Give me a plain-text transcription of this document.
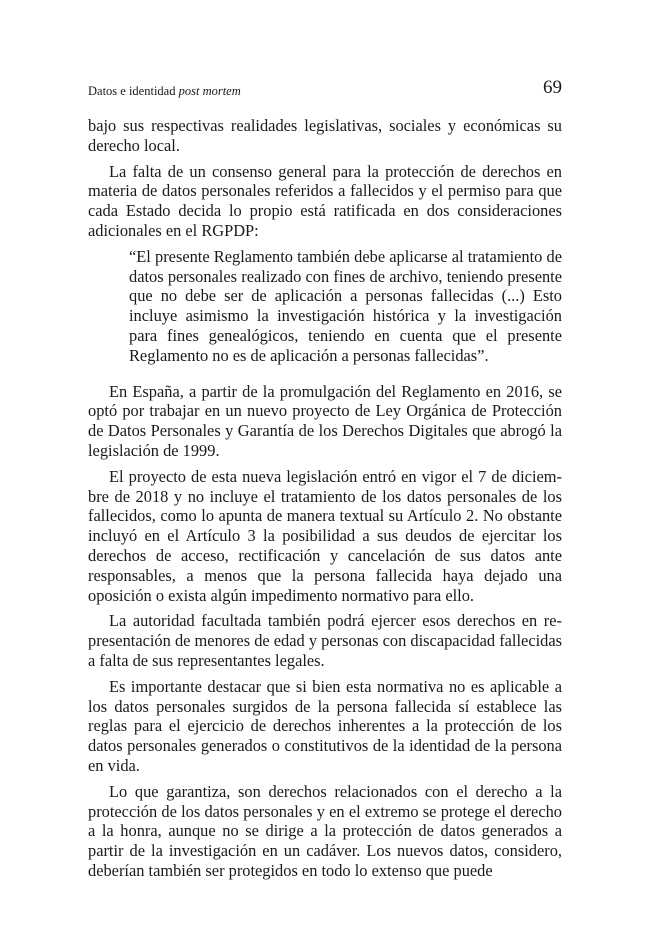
Datos e identidad post mortem	69

bajo sus respectivas realidades legislativas, sociales y económicas su derecho local.

La falta de un consenso general para la protección de derechos en materia de datos personales referidos a fallecidos y el permiso para que cada Estado decida lo propio está ratificada en dos consideraciones adicionales en el RGPDP:

“El presente Reglamento también debe aplicarse al tratamiento de datos personales realizado con fines de archivo, teniendo presente que no debe ser de aplicación a personas fallecidas (...) Esto incluye asimismo la investigación histórica y la investigación para fines genealógicos, teniendo en cuenta que el presente Reglamento no es de aplicación a personas fallecidas”.

En España, a partir de la promulgación del Reglamento en 2016, se optó por trabajar en un nuevo proyecto de Ley Orgánica de Protección de Datos Personales y Garantía de los Derechos Digitales que abrogó la legislación de 1999.

El proyecto de esta nueva legislación entró en vigor el 7 de diciembre de 2018 y no incluye el tratamiento de los datos personales de los fallecidos, como lo apunta de manera textual su Artículo 2. No obstante incluyó en el Artículo 3 la posibilidad a sus deudos de ejercitar los derechos de acceso, rectificación y cancelación de sus datos ante responsables, a menos que la persona fallecida haya dejado una oposición o exista algún impedimento normativo para ello.

La autoridad facultada también podrá ejercer esos derechos en representación de menores de edad y personas con discapacidad fallecidas a falta de sus representantes legales.

Es importante destacar que si bien esta normativa no es aplicable a los datos personales surgidos de la persona fallecida sí establece las reglas para el ejercicio de derechos inherentes a la protección de los datos personales generados o constitutivos de la identidad de la persona en vida.

Lo que garantiza, son derechos relacionados con el derecho a la protección de los datos personales y en el extremo se protege el derecho a la honra, aunque no se dirige a la protección de datos generados a partir de la investigación en un cadáver. Los nuevos datos, considero, deberían también ser protegidos en todo lo extenso que puede
